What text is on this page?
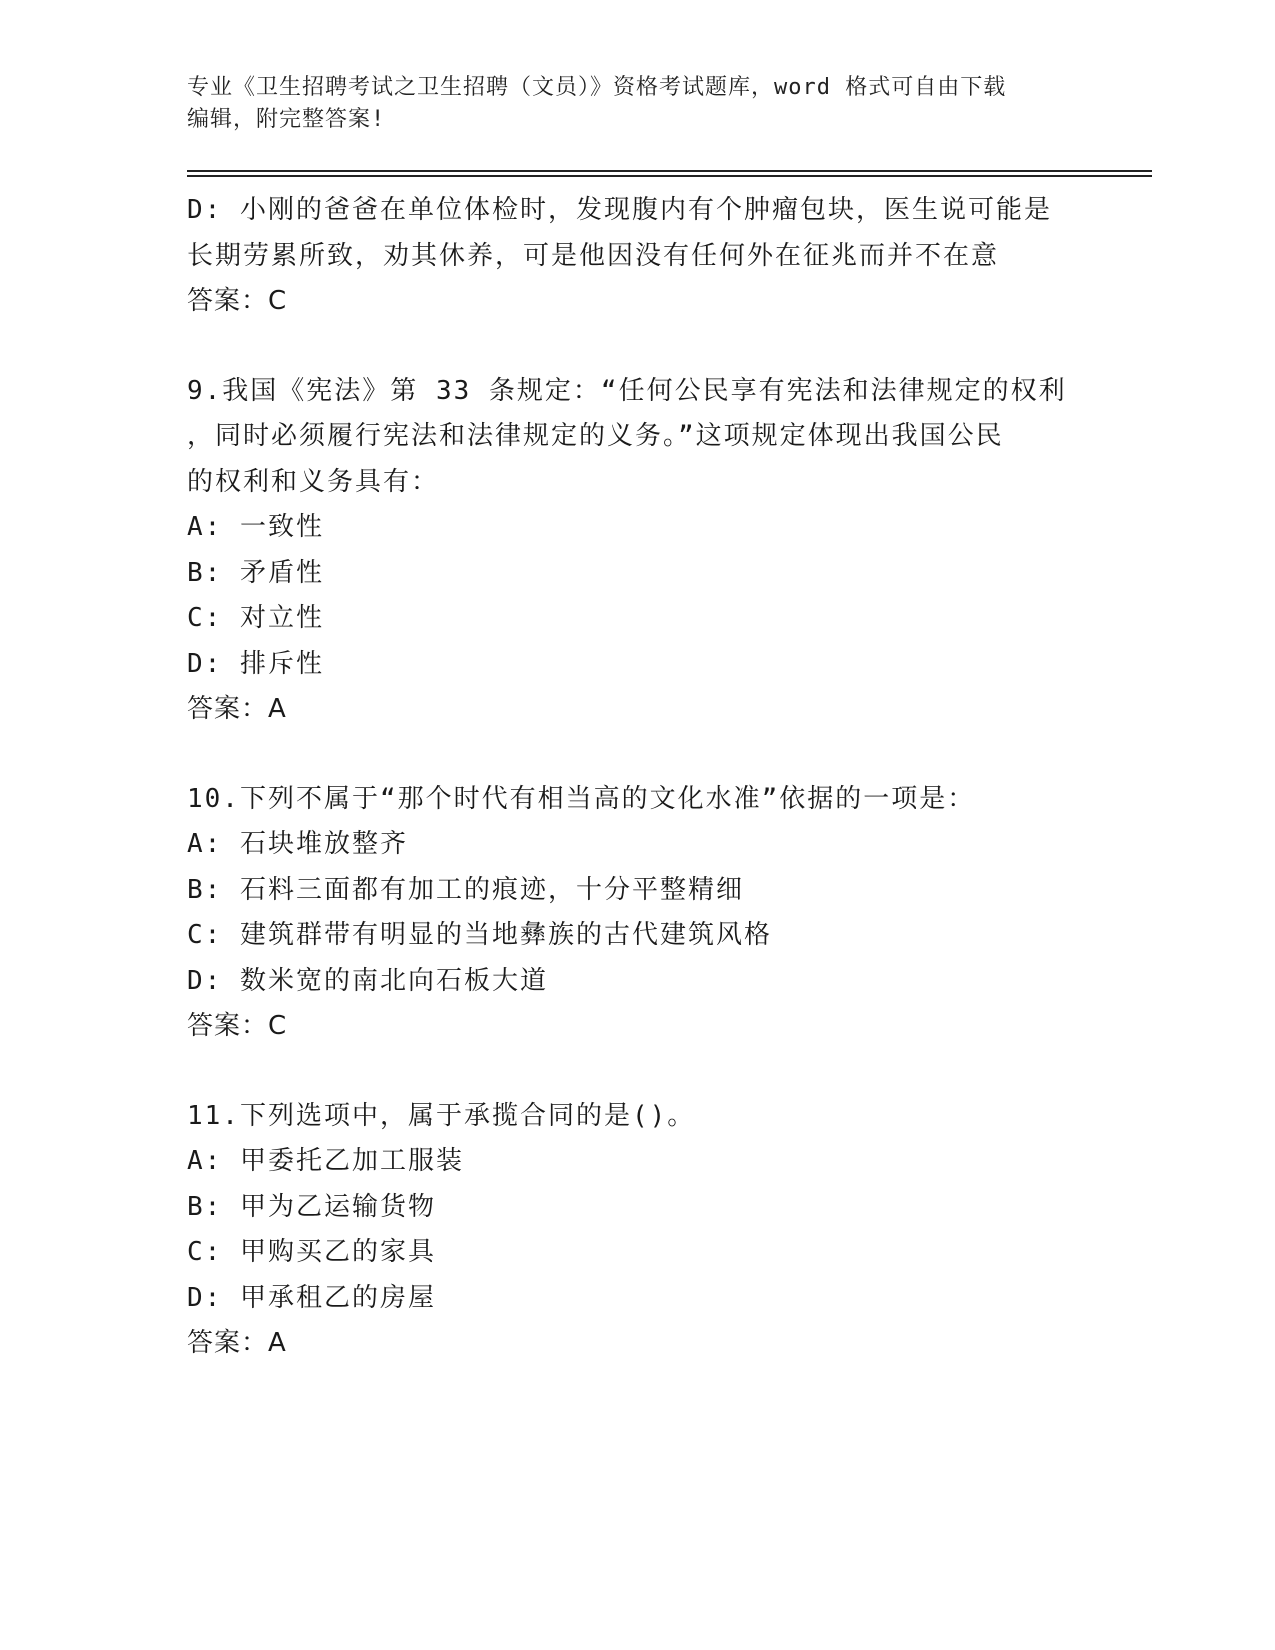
专业《卫生招聘考试之卫生招聘（文员）》资格考试题库，word 格式可自由下载
编辑，附完整答案!
D: 小刚的爸爸在单位体检时，发现腹内有个肿瘤包块，医生说可能是
长期劳累所致，劝其休养，可是他因没有任何外在征兆而并不在意
答案：C
9.我国《宪法》第 33 条规定：“任何公民享有宪法和法律规定的权利
，同时必须履行宪法和法律规定的义务。”这项规定体现出我国公民
的权利和义务具有：
A: 一致性
B: 矛盾性
C: 对立性
D: 排斥性
答案：A
10.下列不属于“那个时代有相当高的文化水准”依据的一项是：
A: 石块堆放整齐
B: 石料三面都有加工的痕迹，十分平整精细
C: 建筑群带有明显的当地彝族的古代建筑风格
D: 数米宽的南北向石板大道
答案：C
11.下列选项中，属于承揽合同的是()。
A: 甲委托乙加工服装
B: 甲为乙运输货物
C: 甲购买乙的家具
D: 甲承租乙的房屋
答案：A
